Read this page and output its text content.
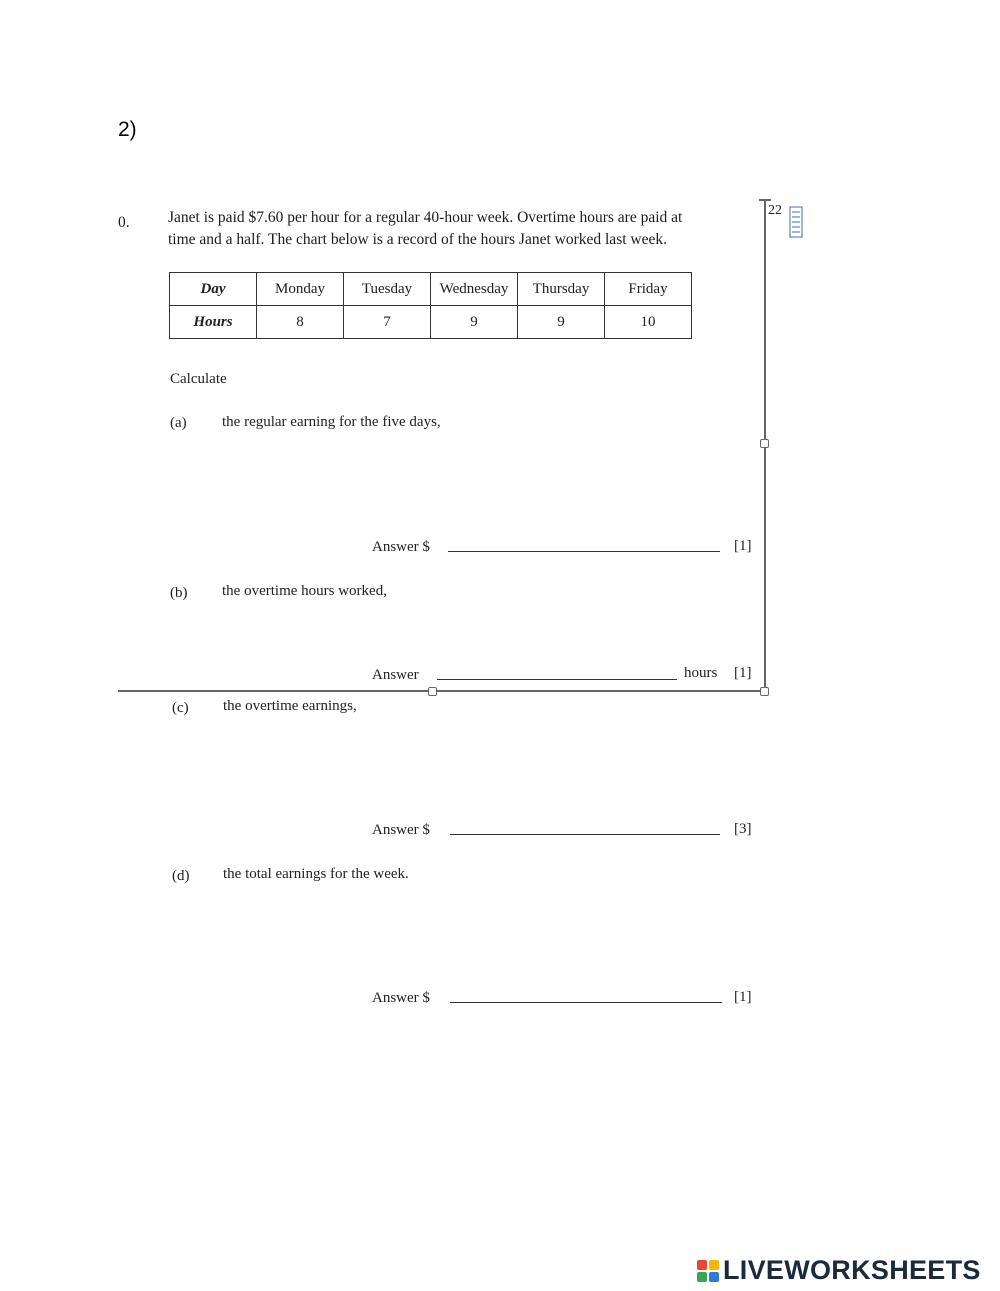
2)
0. Janet is paid $7.60 per hour for a regular 40-hour week. Overtime hours are paid at
time and a half. The chart below is a record of the hours Janet worked last week.
22
Day	Monday	Tuesday	Wednesday	Thursday	Friday
Hours	8	7	9	9	10
Calculate
(a) the regular earning for the five days,
Answer $	[1]
(b) the overtime hours worked,
Answer	hours [1]
(c) the overtime earnings,
Answer $	[3]
(d) the total earnings for the week.
Answer $	[1]
LIVEWORKSHEETS
